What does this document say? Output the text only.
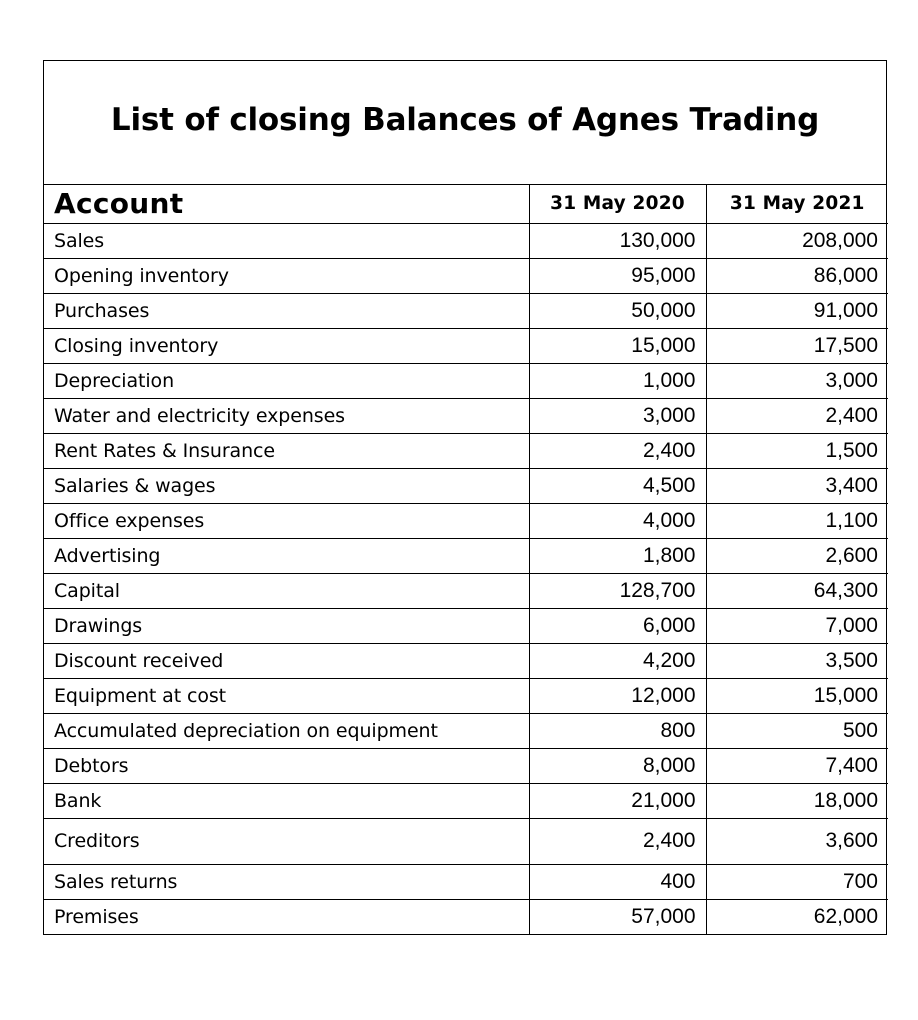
List of closing Balances of Agnes Trading
Account	31 May 2020	31 May 2021
Sales	130,000	208,000
Opening inventory	95,000	86,000
Purchases	50,000	91,000
Closing inventory	15,000	17,500
Depreciation	1,000	3,000
Water and electricity expenses	3,000	2,400
Rent Rates & Insurance	2,400	1,500
Salaries & wages	4,500	3,400
Office expenses	4,000	1,100
Advertising	1,800	2,600
Capital	128,700	64,300
Drawings	6,000	7,000
Discount received	4,200	3,500
Equipment at cost	12,000	15,000
Accumulated depreciation on equipment	800	500
Debtors	8,000	7,400
Bank	21,000	18,000
Creditors	2,400	3,600
Sales returns	400	700
Premises	57,000	62,000
